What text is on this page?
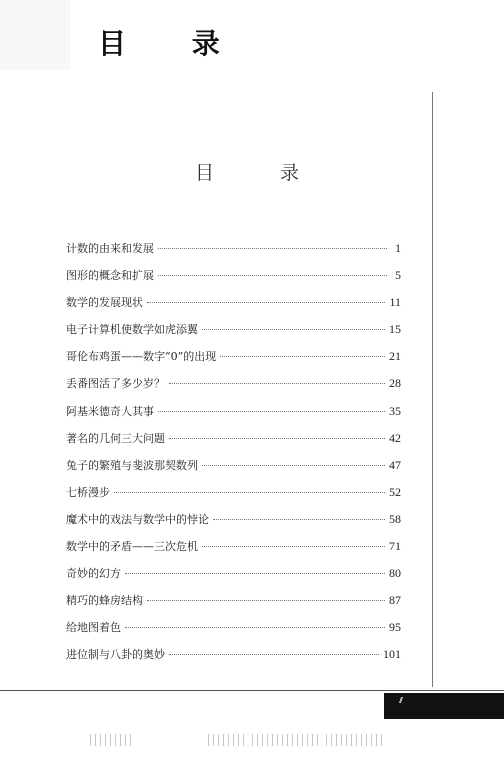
目 录
目 录
计数的由来和发展	1
图形的概念和扩展	5
数学的发展现状	11
电子计算机使数学如虎添翼	15
哥伦布鸡蛋——数字“0”的出现	21
丢番图活了多少岁？	28
阿基米德奇人其事	35
著名的几何三大问题	42
兔子的繁殖与斐波那契数列	47
七桥漫步	52
魔术中的戏法与数学中的悖论	58
数学中的矛盾——三次危机	71
奇妙的幻方	80
精巧的蜂房结构	87
给地图着色	95
进位制与八卦的奥妙	101
